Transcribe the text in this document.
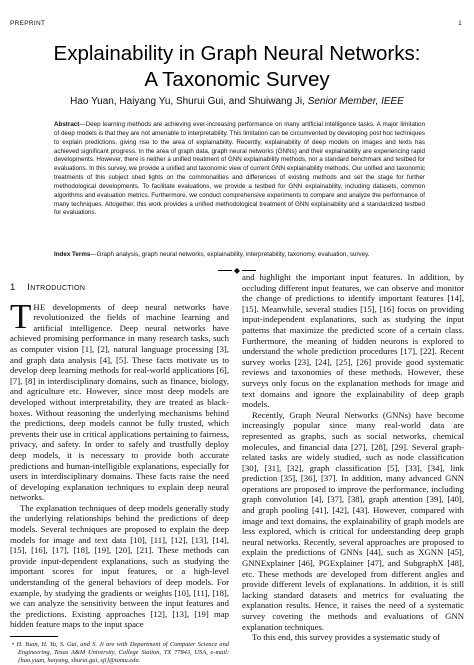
PREPRINT	1
Explainability in Graph Neural Networks:
A Taxonomic Survey
Hao Yuan, Haiyang Yu, Shurui Gui, and Shuiwang Ji, Senior Member, IEEE
Abstract—Deep learning methods are achieving ever-increasing performance on many artificial intelligence tasks. A major limitation of deep models is that they are not amenable to interpretability. This limitation can be circumvented by developing post hoc techniques to explain predictions, giving rise to the area of explainability. Recently, explainability of deep models on images and texts has achieved significant progress. In the area of graph data, graph neural networks (GNNs) and their explainability are experiencing rapid developments. However, there is neither a unified treatment of GNN explainability methods, nor a standard benchmark and testbed for evaluations. In this survey, we provide a unified and taxonomic view of current GNN explainability methods. Our unified and taxonomic treatments of this subject shed lights on the commonalities and differences of existing methods and set the stage for further methodological developments. To facilitate evaluations, we provide a testbed for GNN explainability, including datasets, common algorithms and evaluation metrics. Furthermore, we conduct comprehensive experiments to compare and analyze the performance of many techniques. Altogether, this work provides a unified methodological treatment of GNN explainability and a standardized testbed for evaluations.
Index Terms—Graph analysis, graph neural networks, explainability, interpretability, taxonomy, evaluation, survey.
◆
1 Introduction

THE developments of deep neural networks have revolutionized the fields of machine learning and artificial intelligence. Deep neural networks have achieved promising performance in many research tasks, such as computer vision [1], [2], natural language processing [3], and graph data analysis [4], [5]. These facts motivate us to develop deep learning methods for real-world applications [6], [7], [8] in interdisciplinary domains, such as finance, biology, and agriculture etc. However, since most deep models are developed without interpretability, they are treated as black-boxes. Without reasoning the underlying mechanisms behind the predictions, deep models cannot be fully trusted, which prevents their use in critical applications pertaining to fairness, privacy, and safety. In order to safely and trustfully deploy deep models, it is necessary to provide both accurate predictions and human-intelligible explanations, especially for users in interdisciplinary domains. These facts raise the need of developing explanation techniques to explain deep neural networks.

The explanation techniques of deep models generally study the underlying relationships behind the predictions of deep models. Several techniques are proposed to explain the deep models for image and text data [10], [11], [12], [13], [14], [15], [16], [17], [18], [19], [20], [21]. These methods can provide input-dependent explanations, such as studying the important scores for input features, or a high-level understanding of the general behaviors of deep models. For example, by studying the gradients or weights [10], [11], [18], we can analyze the sensitivity between the input features and the predictions. Existing approaches [12], [13], [19] map hidden feature maps to the input space

• H. Yuan, H. Yu, S. Gui, and S. Ji are with Department of Computer Science and Engineering, Texas A&M University, College Station, TX 77843, USA, e-mail: {hao.yuan, haiyang, shurui.gui, sji}@tamu.edu.

and highlight the important input features. In addition, by occluding different input features, we can observe and monitor the change of predictions to identify important features [14], [15]. Meanwhile, several studies [15], [16] focus on providing input-independent explanations, such as studying the input patterns that maximize the predicted score of a certain class. Furthermore, the meaning of hidden neurons is explored to understand the whole prediction procedures [17], [22]. Recent survey works [23], [24], [25], [26] provide good systematic reviews and taxonomies of these methods. However, these surveys only focus on the explanation methods for image and text domains and ignore the explainability of deep graph models.

Recently, Graph Neural Networks (GNNs) have become increasingly popular since many real-world data are represented as graphs, such as social networks, chemical molecules, and financial data [27], [28], [29]. Several graph-related tasks are widely studied, such as node classification [30], [31], [32], graph classification [5], [33], [34], link prediction [35], [36], [37]. In addition, many advanced GNN operations are proposed to improve the performance, including graph convolution [4], [37], [38], graph attention [39], [40], and graph pooling [41], [42], [43]. However, compared with image and text domains, the explainability of graph models are less explored, which is critical for understanding deep graph neural networks. Recently, several approaches are proposed to explain the predictions of GNNs [44], such as XGNN [45], GNNExplainer [46], PGExplainer [47], and SubgraphX [48], etc. These methods are developed from different angles and provide different levels of explanations. In addition, it is still lacking standard datasets and metrics for evaluating the explanation results. Hence, it raises the need of a systematic survey covering the methods and evaluations of GNN explanation techniques.

To this end, this survey provides a systematic study of
